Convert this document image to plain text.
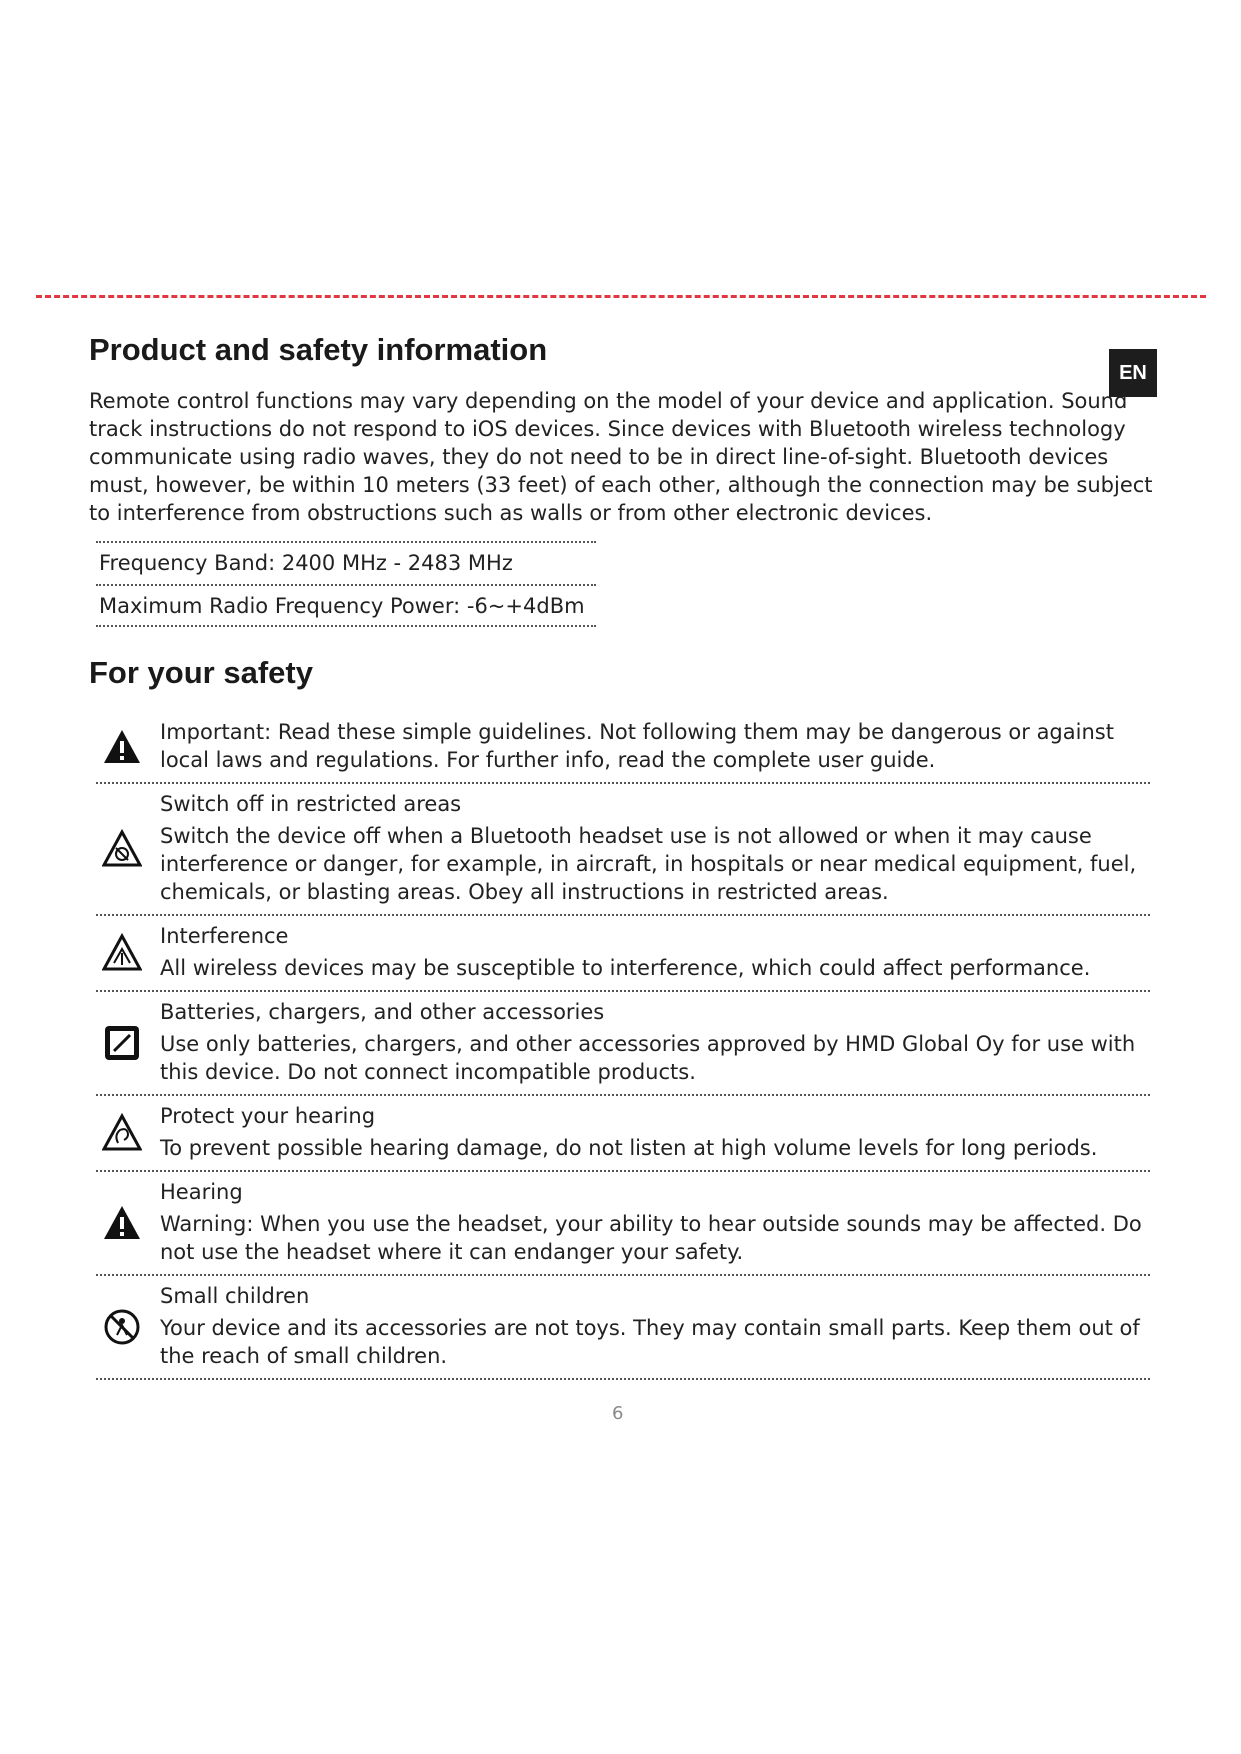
Product and safety information
EN

Remote control functions may vary depending on the model of your device and application. Sound track instructions do not respond to iOS devices. Since devices with Bluetooth wireless technology communicate using radio waves, they do not need to be in direct line-of-sight. Bluetooth devices must, however, be within 10 meters (33 feet) of each other, although the connection may be subject to interference from obstructions such as walls or from other electronic devices.

Frequency Band: 2400 MHz - 2483 MHz
Maximum Radio Frequency Power: -6~+4dBm
For your safety
Important: Read these simple guidelines. Not following them may be dangerous or against local laws and regulations. For further info, read the complete user guide.
Switch off in restricted areas
Switch the device off when a Bluetooth headset use is not allowed or when it may cause interference or danger, for example, in aircraft, in hospitals or near medical equipment, fuel, chemicals, or blasting areas. Obey all instructions in restricted areas.
Interference
All wireless devices may be susceptible to interference, which could affect performance.
Batteries, chargers, and other accessories
Use only batteries, chargers, and other accessories approved by HMD Global Oy for use with this device. Do not connect incompatible products.
Protect your hearing
To prevent possible hearing damage, do not listen at high volume levels for long periods.
Hearing
Warning: When you use the headset, your ability to hear outside sounds may be affected. Do not use the headset where it can endanger your safety.
Small children
Your device and its accessories are not toys. They may contain small parts. Keep them out of the reach of small children.
6
